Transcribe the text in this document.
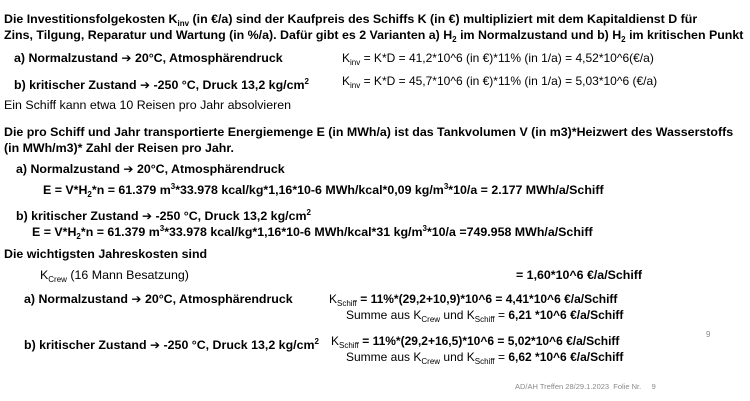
Die Investitionsfolgekosten $K_{inv}$ (in €/a) sind der Kaufpreis des Schiffs K (in €) multipliziert mit dem Kapitaldienst D für
Zins, Tilgung, Reparatur und Wartung (in %/a). Dafür gibt es 2 Varianten a) $H_2$ im Normalzustand und b) $H_2$ im kritischen Punkt
a) Normalzustand ➔ 20°C, Atmosphärendruck	$K_{inv} = K*D$ = 41,2*10^6 (in €)*11% (in 1/a) = 4,52*10^6(€/a)
b) kritischer Zustand ➔ -250 °C, Druck 13,2 $kg/cm^2$	$K_{inv} = K*D$ = 45,7*10^6 (in €)*11% (in 1/a) = 5,03*10^6 (€/a)
Ein Schiff kann etwa 10 Reisen pro Jahr absolvieren
Die pro Schiff und Jahr transportierte Energiemenge E (in MWh/a) ist das Tankvolumen V (in m3)*Heizwert des Wasserstoffs
(in MWh/m3)* Zahl der Reisen pro Jahr.
a) Normalzustand ➔ 20°C, Atmosphärendruck
$E = V*H_2*n = 61.379$ $m^3*33.978$ kcal/kg*1,16*10-6 MWh/kcal*0,09 $kg/m^3*10/a = 2.177$ MWh/a/Schiff
b) kritischer Zustand ➔ -250 °C, Druck 13,2 $kg/cm^2$
$E = V*H_2*n = 61.379$ $m^3*33.978$ kcal/kg*1,16*10-6 MWh/kcal*31 $kg/m^3*10/a =749.958$ MWh/a/Schiff
Die wichtigsten Jahreskosten sind
$K_{Crew}$ (16 Mann Besatzung)	= 1,60*10^6 €/a/Schiff
a) Normalzustand ➔ 20°C, Atmosphärendruck	$K_{Schiff}$ = 11%*(29,2+10,9)*10^6 = 4,41*10^6 €/a/Schiff
Summe aus $K_{Crew}$ und $K_{Schiff} = 6,21$ *10^6 €/a/Schiff
b) kritischer Zustand ➔ -250 °C, Druck 13,2 $kg/cm^2$ $K_{Schiff}$ = 11%*(29,2+16,5)*10^6 = 5,02*10^6 €/a/Schiff
Summe aus $K_{Crew}$ und $K_{Schiff} = 6,62$ *10^6 €/a/Schiff
9
AD/AH Treffen 28/29.1.2023 Folie Nr. 9
